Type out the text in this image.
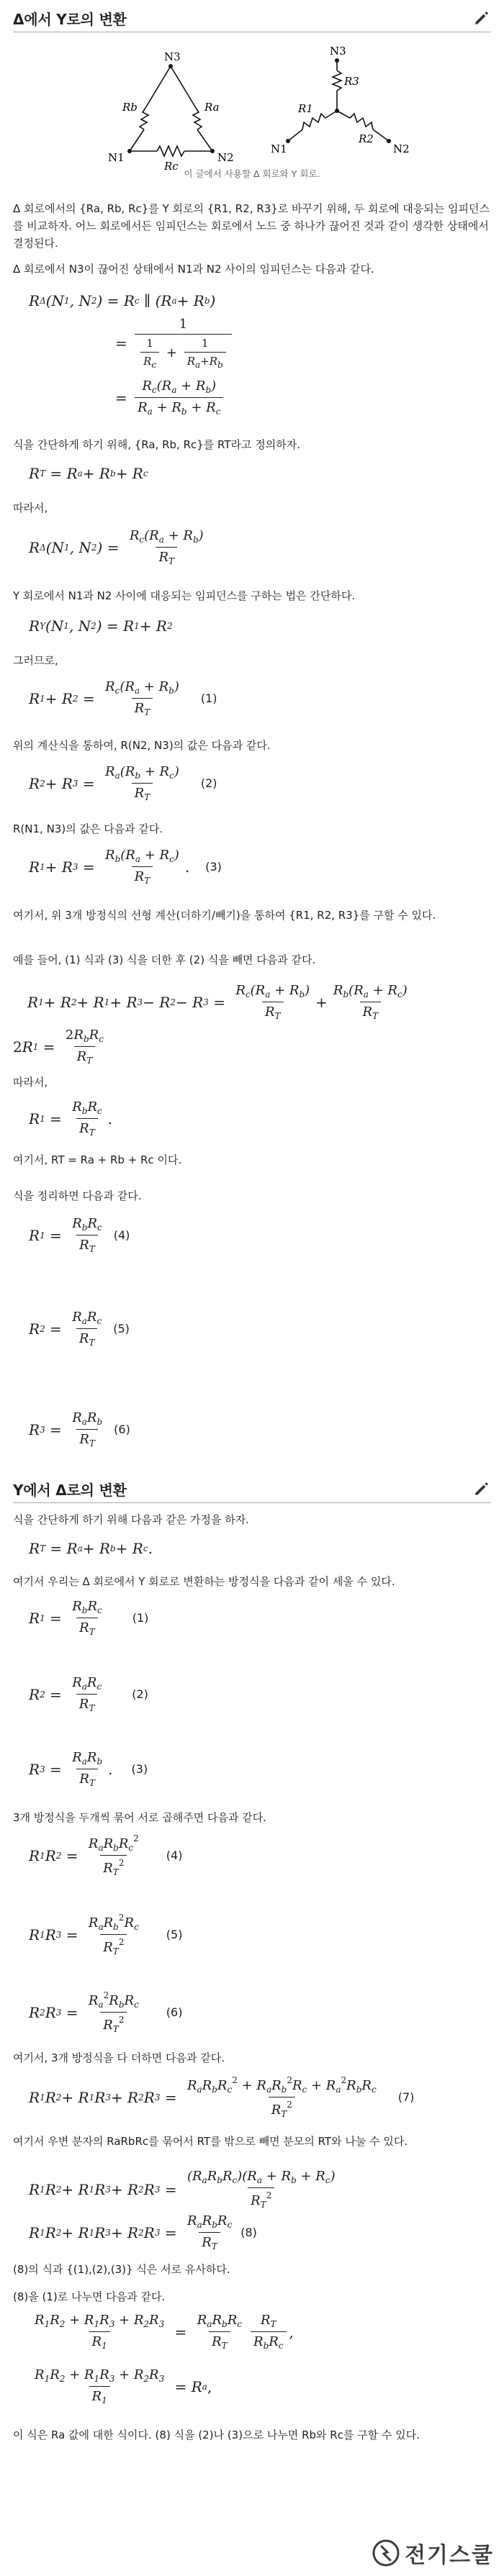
Δ에서 Y로의 변환
N3
N1	N2
Rb	Ra
Rc
N3
N1	N2
R3
R1
R2
이 글에서 사용할 Δ 회로와 Y 회로.
Δ 회로에서의 {Ra, Rb, Rc}를 Y 회로의 {R1, R2, R3}로 바꾸기 위해, 두 회로에 대응되는 임피던스를 비교하자. 어느 회로에서든 임피던스는 회로에서 노드 중 하나가 끊어진 것과 같이 생각한 상태에서 결정된다.
Δ 회로에서 N3이 끊어진 상태에서 N1과 N2 사이의 임피던스는 다음과 같다.
R Δ (N 1 , N 2 ) = R c ∥ (R a + R b )
= $\frac{1}{\frac{1}{R_c} + \frac{1}{R_a+R_b}}$
= $\frac{R_c(R_a + R_b)}{R_a + R_b + R_c}$
식을 간단하게 하기 위해, {Ra, Rb, Rc}를 RT라고 정의하자.
R T = R a + R b + R c
따라서,
R Δ (N 1 , N 2 ) = $\frac{R_c(R_a + R_b)}{R_T}$
Y 회로에서 N1과 N2 사이에 대응되는 임피던스를 구하는 법은 간단하다.
R Y (N 1 , N 2 ) = R 1 + R 2
그러므로,
R 1 + R $2 = \frac{R_c(R_a + R_b)}{R_T} (1)$
위의 계산식을 통하여, R(N2, N3)의 값은 다음과 같다.
R 2 + R $3 = \frac{R_a(R_b + R_c)}{R_T} (2)$
R(N1, N3)의 값은 다음과 같다.
R 1 + R $3 = \frac{R_b(R_a + R_c)}{R_T}$ . (3)
여기서, 위 3개 방정식의 선형 계산(더하기/빼기)을 통하여 {R1, R2, R3}를 구할 수 있다.
예를 들어, (1) 식과 (3) 식을 더한 후 (2) 식을 빼면 다음과 같다.
R 1 + R 2 + R 1 + R 3 − R 2 − R $3 = \frac{R_c(R_a + R_b)}{R_T} + \frac{R_b(R_a + R_c)}{R_T}$
2 R $1 = \frac{2R_bR_c}{R_T}$
따라서,
R $1 = \frac{R_bR_c}{R_T}$ .
여기서, RT = Ra + Rb + Rc 이다.
식을 정리하면 다음과 같다.
R $1 = \frac{R_bR_c}{R_T} (4)$
R $2 = \frac{R_aR_c}{R_T} (5)$
R $3 = \frac{R_aR_b}{R_T} (6)$
Y에서 Δ로의 변환
식을 간단하게 하기 위해 다음과 같은 가정을 하자.
R T = R a + R b + R c .
여기서 우리는 Δ 회로에서 Y 회로로 변환하는 방정식을 다음과 같이 세울 수 있다.
R $1 = \frac{R_bR_c}{R_T} (1)$
R $2 = \frac{R_aR_c}{R_T} (2)$
R $3 = \frac{R_aR_b}{R_T}$ . (3)
3개 방정식을 두개씩 묶어 서로 곱해주면 다음과 같다.
R 1 R $2 = \frac{R_aR_bR_c^2}{R_T^2} (4)$
R 1 R $3 = \frac{R_aR_b^2R_c}{R_T^2} (5)$
R 2 R $3 = \frac{R_a^2R_bR_c}{R_T^2} (6)$
여기서, 3개 방정식을 다 더하면 다음과 같다.
R 1 R 2 + R 1 R 3 + R 2 R $3 = \frac{R_aR_bR_c^2 + R_aR_b^2R_c + R_a^2R_bR_c}{R_T^2} (7)$
여기서 우변 분자의 RaRbRc를 묶어서 RT를 밖으로 빼면 분모의 RT와 나눌 수 있다.
R 1 R 2 + R 1 R 3 + R 2 R $3 = \frac{(R_aR_bR_c)(R_a + R_b + R_c)}{R_T^2}$
R 1 R 2 + R 1 R 3 + R 2 R $3 = \frac{R_aR_bR_c}{R_T} (8)$
(8)의 식과 {(1),(2),(3)} 식은 서로 유사하다.
(8)을 (1)로 나누면 다음과 같다.
$\frac{R_1R_2 + R_1R_3 + R_2R_3}{R_1} = \frac{R_aR_bR_c}{R_T} \frac{R_T}{R_bR_c}$ ,
$\frac{R_1R_2 + R_1R_3 + R_2R_3}{R_1} = R$ a ,
이 식은 Ra 값에 대한 식이다. (8) 식을 (2)나 (3)으로 나누면 Rb와 Rc를 구할 수 있다.
전기스쿨
